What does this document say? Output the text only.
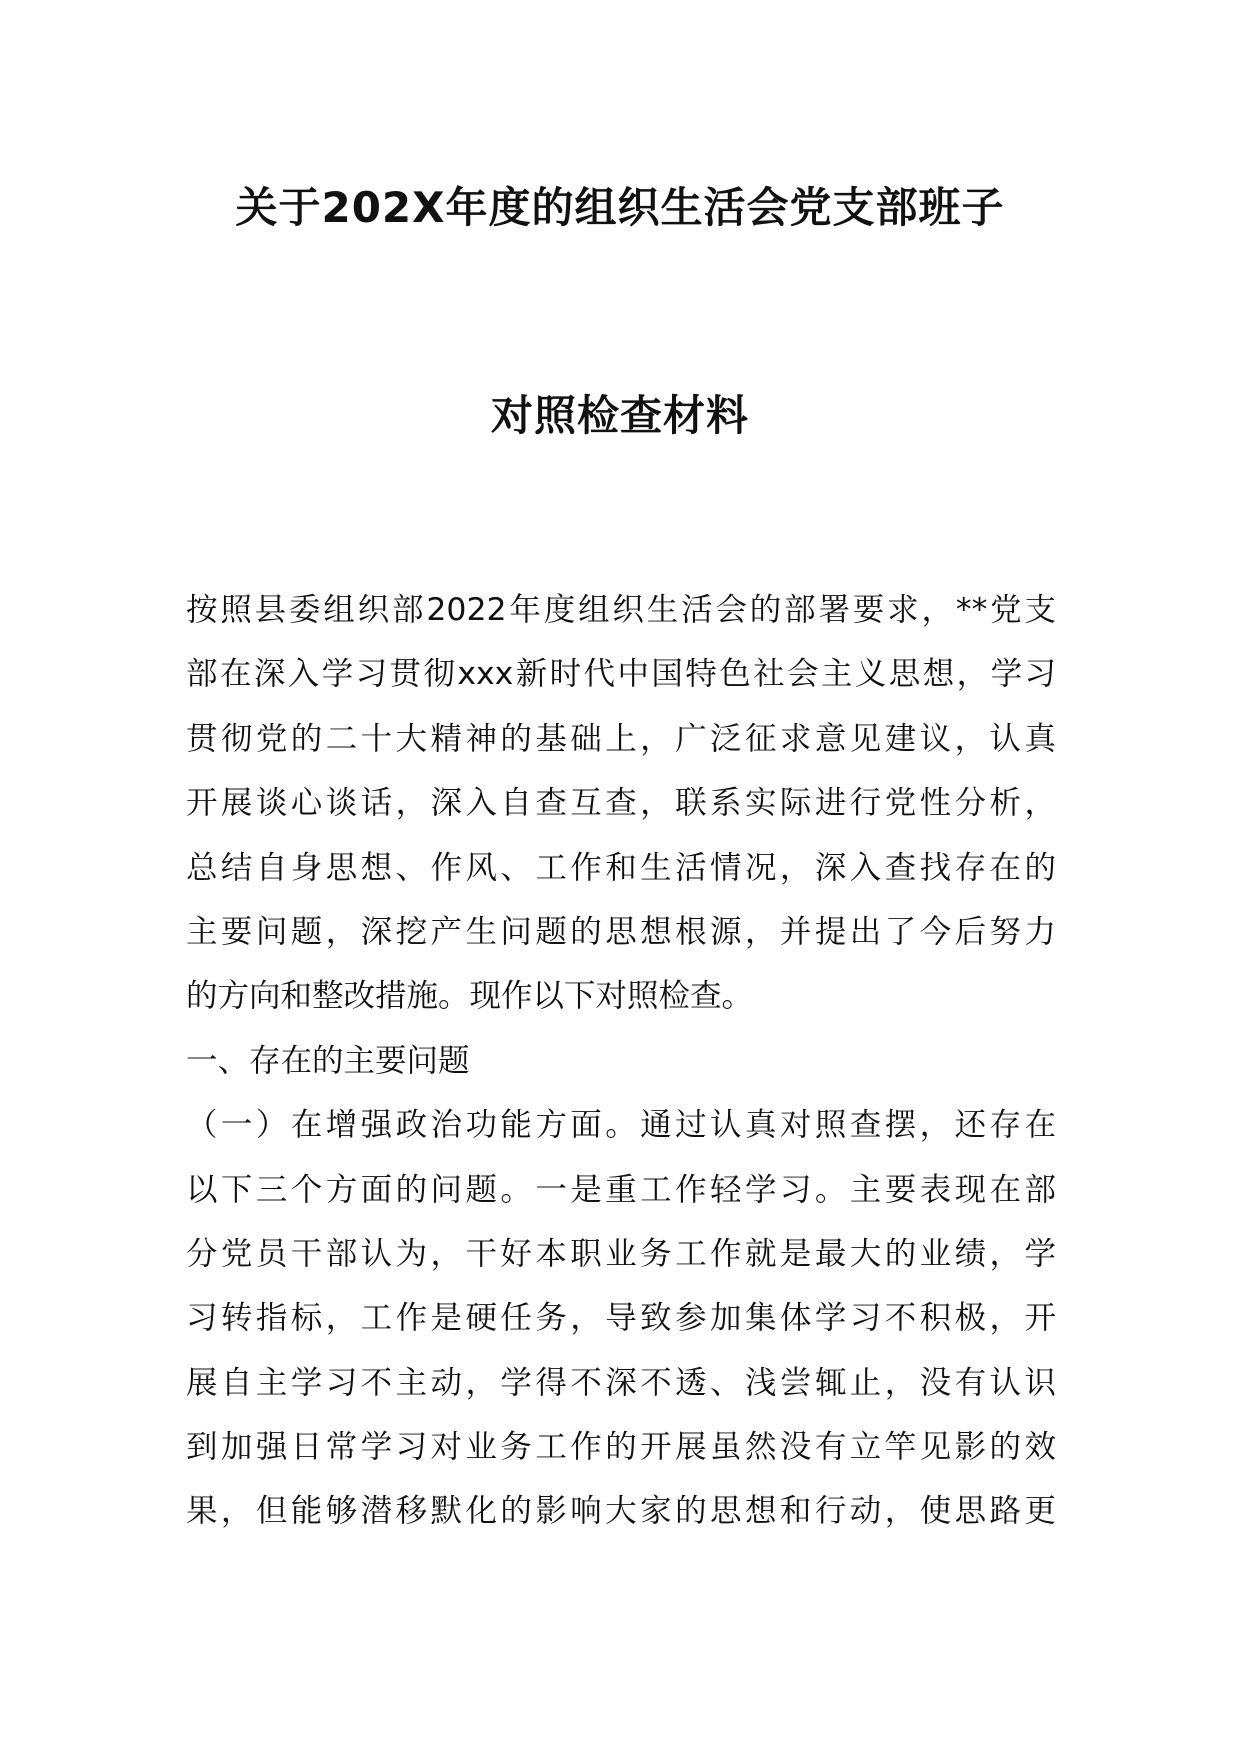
关于202X年度的组织生活会党支部班子
对照检查材料
按照县委组织部2022年度组织生活会的部署要求，**党支
部在深入学习贯彻xxx新时代中国特色社会主义思想，学习
贯彻党的二十大精神的基础上，广泛征求意见建议，认真
开展谈心谈话，深入自查互查，联系实际进行党性分析，
总结自身思想、作风、工作和生活情况，深入查找存在的
主要问题，深挖产生问题的思想根源，并提出了今后努力
的方向和整改措施。现作以下对照检查。
一、存在的主要问题
（一）在增强政治功能方面。通过认真对照查摆，还存在
以下三个方面的问题。一是重工作轻学习。主要表现在部
分党员干部认为，干好本职业务工作就是最大的业绩，学
习转指标，工作是硬任务，导致参加集体学习不积极，开
展自主学习不主动，学得不深不透、浅尝辄止，没有认识
到加强日常学习对业务工作的开展虽然没有立竿见影的效
果，但能够潜移默化的影响大家的思想和行动，使思路更
